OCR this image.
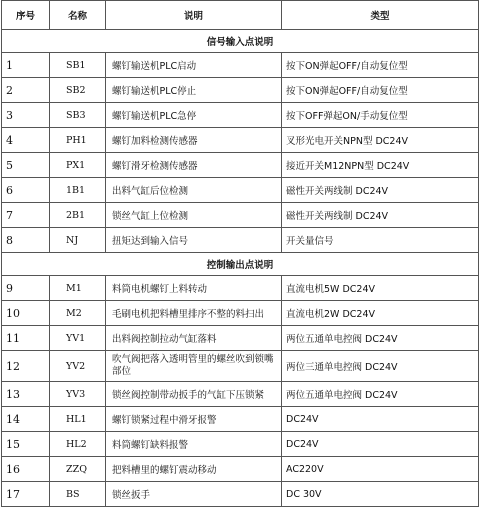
序号	名称	说明	类型
信号输入点说明			
1	SB1	螺钉输送机PLC启动	按下ON弹起OFF/自动复位型
2	SB2	螺钉输送机PLC停止	按下ON弹起OFF/自动复位型
3	SB3	螺钉输送机PLC急停	按下OFF弹起ON/手动复位型
4	PH1	螺钉加料检测传感器	叉形光电开关NPN型 DC24V
5	PX1	螺钉滑牙检测传感器	接近开关M12NPN型 DC24V
6	1B1	出料气缸后位检测	磁性开关两线制 DC24V
7	2B1	锁丝气缸上位检测	磁性开关两线制 DC24V
8	NJ	扭矩达到输入信号	开关量信号
控制输出点说明			
9	M1	料筒电机螺钉上料转动	直流电机5W DC24V
10	M2	毛刷电机把料槽里排序不整的料扫出	直流电机2W DC24V
11	YV1	出料阀控制拉动气缸落料	两位五通单电控阀 DC24V
12	YV2	吹气阀把落入透明管里的螺丝吹到锁嘴部位	两位三通单电控阀 DC24V
13	YV3	锁丝阀控制带动扳手的气缸下压锁紧	两位五通单电控阀 DC24V
14	HL1	螺钉锁紧过程中滑牙报警	DC24V
15	HL2	料筒螺钉缺料报警	DC24V
16	ZZQ	把料槽里的螺钉震动移动	AC220V
17	BS	锁丝扳手	DC 30V
